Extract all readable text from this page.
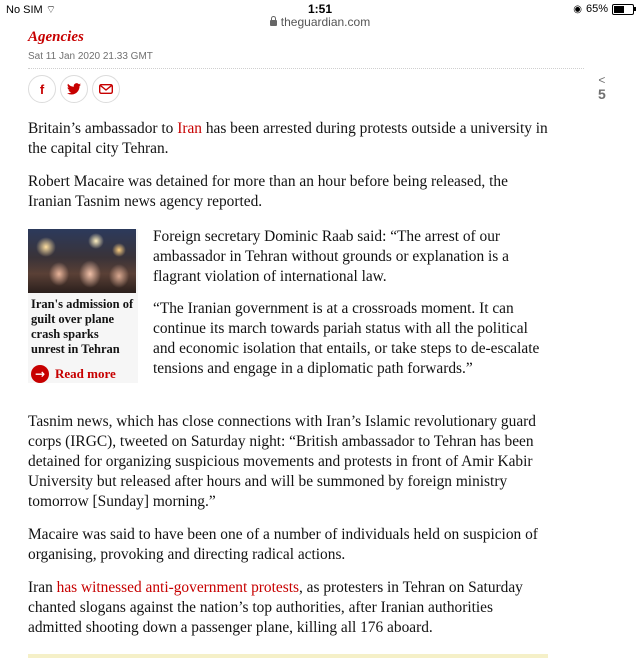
No SIM ⌔	1:51	◉ 65%
theguardian.com
Agencies
Sat 11 Jan 2020 21.33 GMT
f
<
5

Britain’s ambassador to Iran has been arrested during protests outside a university in the capital city Tehran.

Robert Macaire was detained for more than an hour before being released, the Iranian Tasnim news agency reported.

Iran's admission of guilt over plane crash sparks unrest in Tehran
→ Read more

Foreign secretary Dominic Raab said: “The arrest of our ambassador in Tehran without grounds or explanation is a flagrant violation of international law.

“The Iranian government is at a crossroads moment. It can continue its march towards pariah status with all the political and economic isolation that entails, or take steps to de-escalate tensions and engage in a diplomatic path forwards.”

Tasnim news, which has close connections with Iran’s Islamic revolutionary guard corps (IRGC), tweeted on Saturday night: “British ambassador to Tehran has been detained for organizing suspicious movements and protests in front of Amir Kabir University but released after hours and will be summoned by foreign ministry tomorrow [Sunday] morning.”

Macaire was said to have been one of a number of individuals held on suspicion of organising, provoking and directing radical actions.

Iran has witnessed anti-government protests, as protesters in Tehran on Saturday chanted slogans against the nation’s top authorities, after Iranian authorities admitted shooting down a passenger plane, killing all 176 aboard.
